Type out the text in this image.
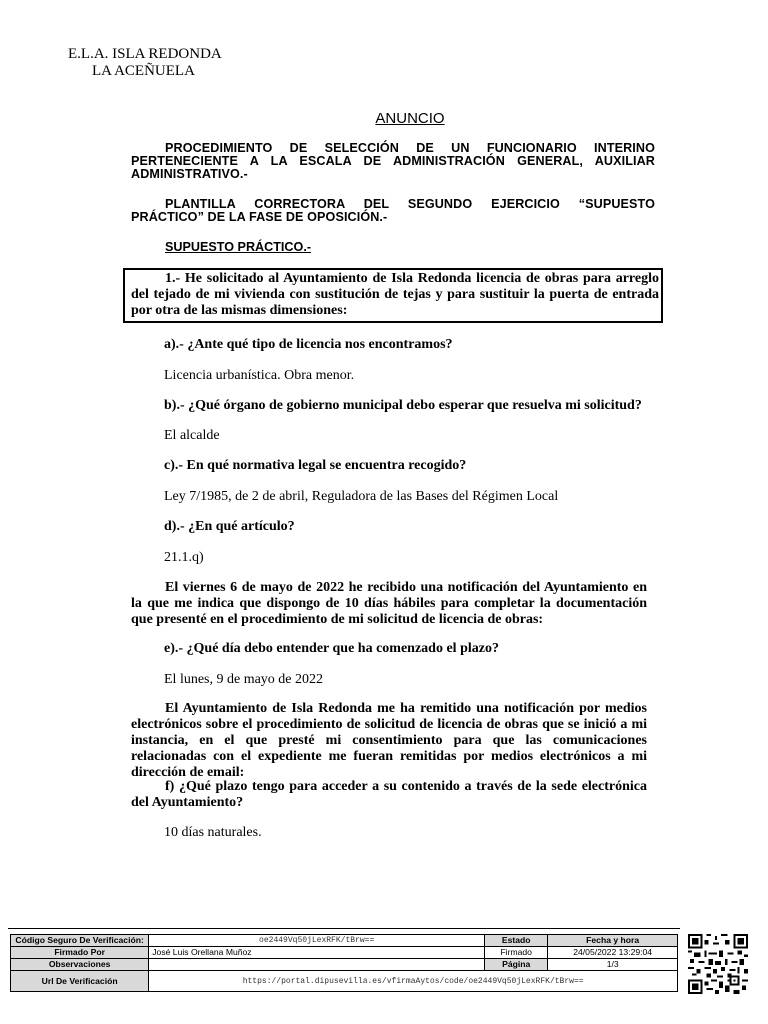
E.L.A. ISLA REDONDA
LA ACEÑUELA
ANUNCIO
PROCEDIMIENTO DE SELECCIÓN DE UN FUNCIONARIO INTERINO PERTENECIENTE A LA ESCALA DE ADMINISTRACIÓN GENERAL, AUXILIAR ADMINISTRATIVO.-
PLANTILLA CORRECTORA DEL SEGUNDO EJERCICIO “SUPUESTO PRÁCTICO” DE LA FASE DE OPOSICIÓN.-
SUPUESTO PRÁCTICO.-
1.- He solicitado al Ayuntamiento de Isla Redonda licencia de obras para arreglo del tejado de mi vivienda con sustitución de tejas y para sustituir la puerta de entrada por otra de las mismas dimensiones:
a).- ¿Ante qué tipo de licencia nos encontramos?
Licencia urbanística. Obra menor.
b).- ¿Qué órgano de gobierno municipal debo esperar que resuelva mi solicitud?
El alcalde
c).- En qué normativa legal se encuentra recogido?
Ley 7/1985, de 2 de abril, Reguladora de las Bases del Régimen Local
d).- ¿En qué artículo?
21.1.q)
El viernes 6 de mayo de 2022 he recibido una notificación del Ayuntamiento en la que me indica que dispongo de 10 días hábiles para completar la documentación que presenté en el procedimiento de mi solicitud de licencia de obras:
e).- ¿Qué día debo entender que ha comenzado el plazo?
El lunes, 9 de mayo de 2022
El Ayuntamiento de Isla Redonda me ha remitido una notificación por medios electrónicos sobre el procedimiento de solicitud de licencia de obras que se inició a mi instancia, en el que presté mi consentimiento para que las comunicaciones relacionadas con el expediente me fueran remitidas por medios electrónicos a mi dirección de email:
f) ¿Qué plazo tengo para acceder a su contenido a través de la sede electrónica del Ayuntamiento?
10 días naturales.
Código Seguro De Verificación:	oe2449Vq50jLexRFK/tBrw==	Estado	Fecha y hora
Firmado Por	José Luis Orellana Muñoz	Firmado	24/05/2022 13:29:04
Observaciones		Página	1/3
Url De Verificación	https://portal.dipusevilla.es/vfirmaAytos/code/oe2449Vq50jLexRFK/tBrw==		
